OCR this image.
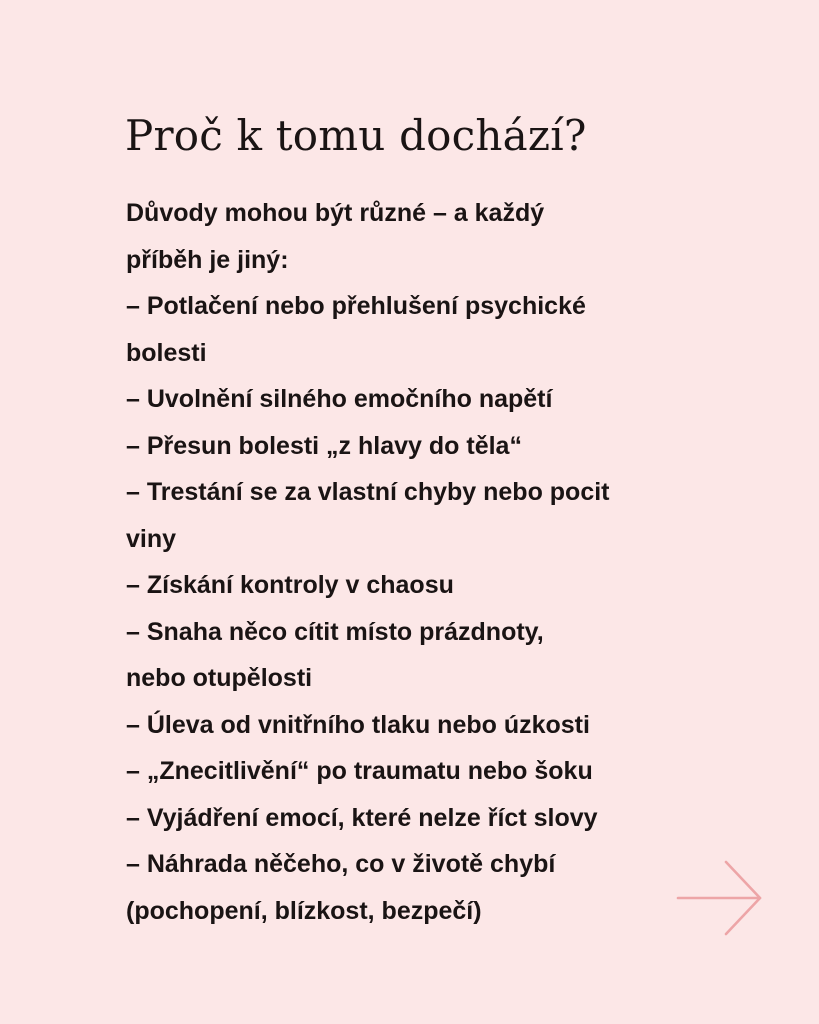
Proč k tomu dochází?
Důvody mohou být různé – a každý
příběh je jiný:
– Potlačení nebo přehlušení psychické
bolesti
– Uvolnění silného emočního napětí
– Přesun bolesti „z hlavy do těla“
– Trestání se za vlastní chyby nebo pocit
viny
– Získání kontroly v chaosu
– Snaha něco cítit místo prázdnoty,
nebo otupělosti
– Úleva od vnitřního tlaku nebo úzkosti
– „Znecitlivění“ po traumatu nebo šoku
– Vyjádření emocí, které nelze říct slovy
– Náhrada něčeho, co v životě chybí
(pochopení, blízkost, bezpečí)
